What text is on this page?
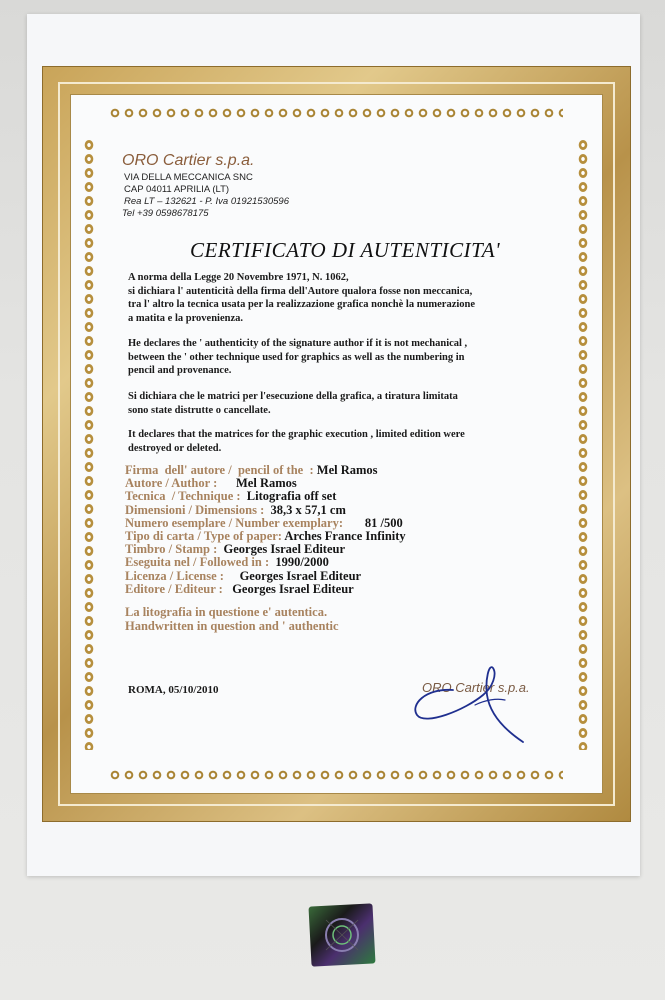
ORO Cartier s.p.a.
VIA DELLA MECCANICA SNC
CAP 04011 APRILIA (LT)
Rea LT – 132621 - P. Iva 01921530596
Tel +39 0598678175
CERTIFICATO DI AUTENTICITA'
A norma della Legge 20 Novembre 1971, N. 1062,
si dichiara l' autenticità della firma dell'Autore qualora fosse non meccanica,
tra l' altro la tecnica usata per la realizzazione grafica nonchè la numerazione
a matita e la provenienza.
He declares the ' authenticity of the signature author if it is not mechanical ,
between the ' other technique used for graphics as well as the numbering in
pencil and provenance.
Si dichiara che le matrici per l'esecuzione della grafica, a tiratura limitata
sono state distrutte o cancellate.
It declares that the matrices for the graphic execution , limited edition were
destroyed or deleted.
Firma  dell' autore /  pencil of the  : Mel Ramos
Autore / Author :      Mel Ramos
Tecnica  / Technique :  Litografia off set
Dimensioni / Dimensions :  38,3 x 57,1 cm
Numero esemplare / Number exemplary:       81 /500
Tipo di carta / Type of paper: Arches France Infinity
Timbro / Stamp :  Georges Israel Editeur
Eseguita nel / Followed in :  1990/2000
Licenza / License :     Georges Israel Editeur
Editore / Editeur :   Georges Israel Editeur
La litografia in questione e' autentica.
Handwritten in question and ' authentic
ROMA, 05/10/2010	ORO Cartier s.p.a.
